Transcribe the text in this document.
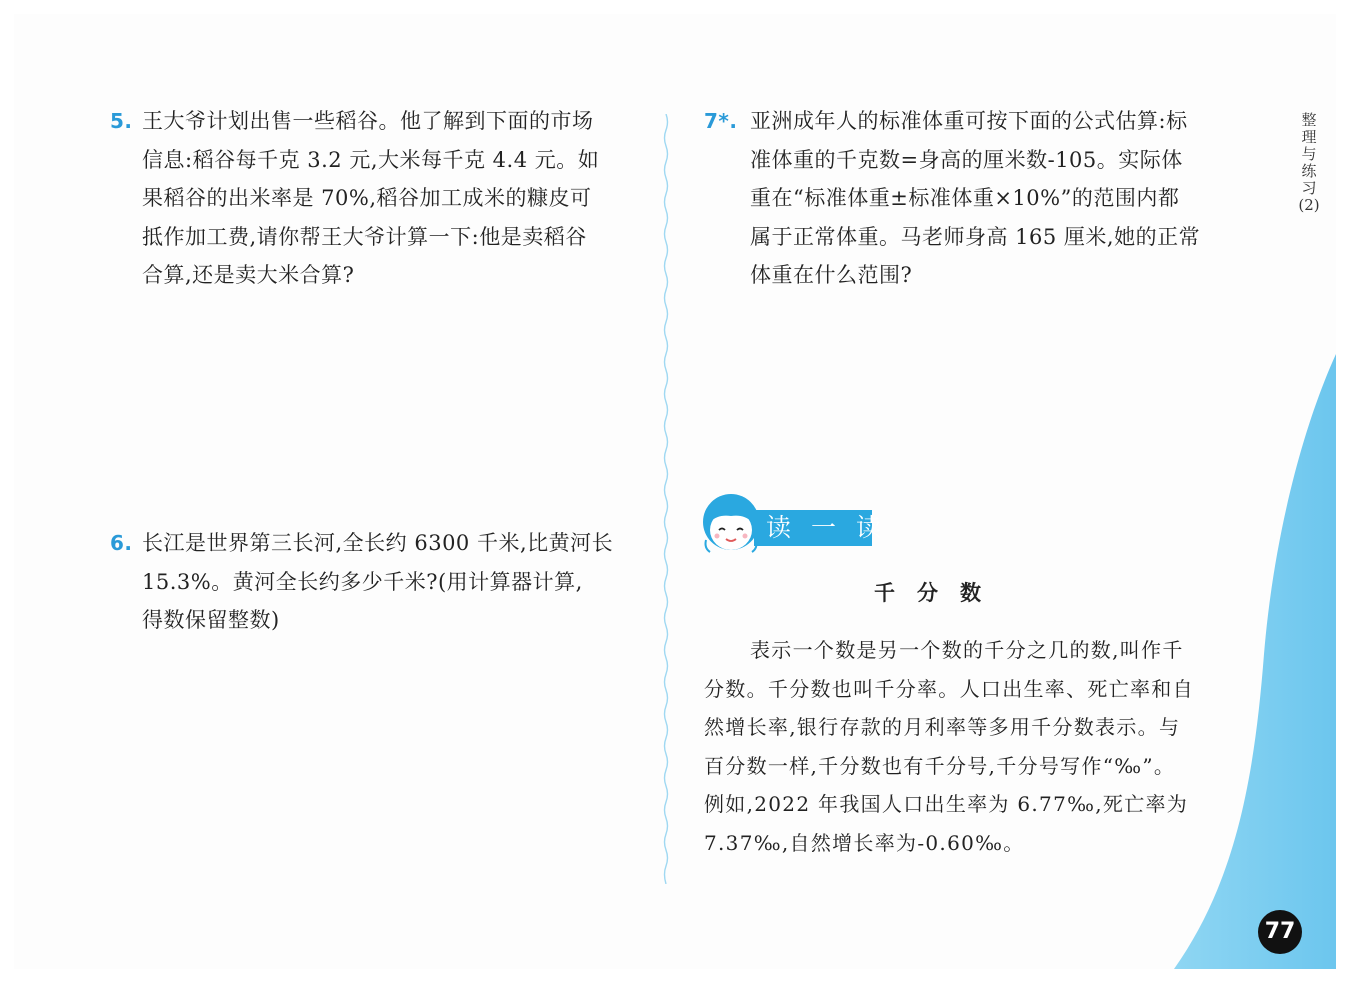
5. 王大爷计划出售一些稻谷。他了解到下面的市场
信息:稻谷每千克 3.2 元,大米每千克 4.4 元。如
果稻谷的出米率是 70%,稻谷加工成米的糠皮可
抵作加工费,请你帮王大爷计算一下:他是卖稻谷
合算,还是卖大米合算?
6. 长江是世界第三长河,全长约 6300 千米,比黄河长
15.3%。黄河全长约多少千米?(用计算器计算,
得数保留整数)
7*. 亚洲成年人的标准体重可按下面的公式估算:标
准体重的千克数=身高的厘米数-105。实际体
重在“标准体重±标准体重×10%”的范围内都
属于正常体重。马老师身高 165 厘米,她的正常
体重在什么范围?
整理与练习(2)
读一读
千分数
表示一个数是另一个数的千分之几的数,叫作千
分数。千分数也叫千分率。人口出生率、死亡率和自
然增长率,银行存款的月利率等多用千分数表示。与
百分数一样,千分数也有千分号,千分号写作“‰”。
例如,2022 年我国人口出生率为 6.77‰,死亡率为
7.37‰,自然增长率为-0.60‰。
77
